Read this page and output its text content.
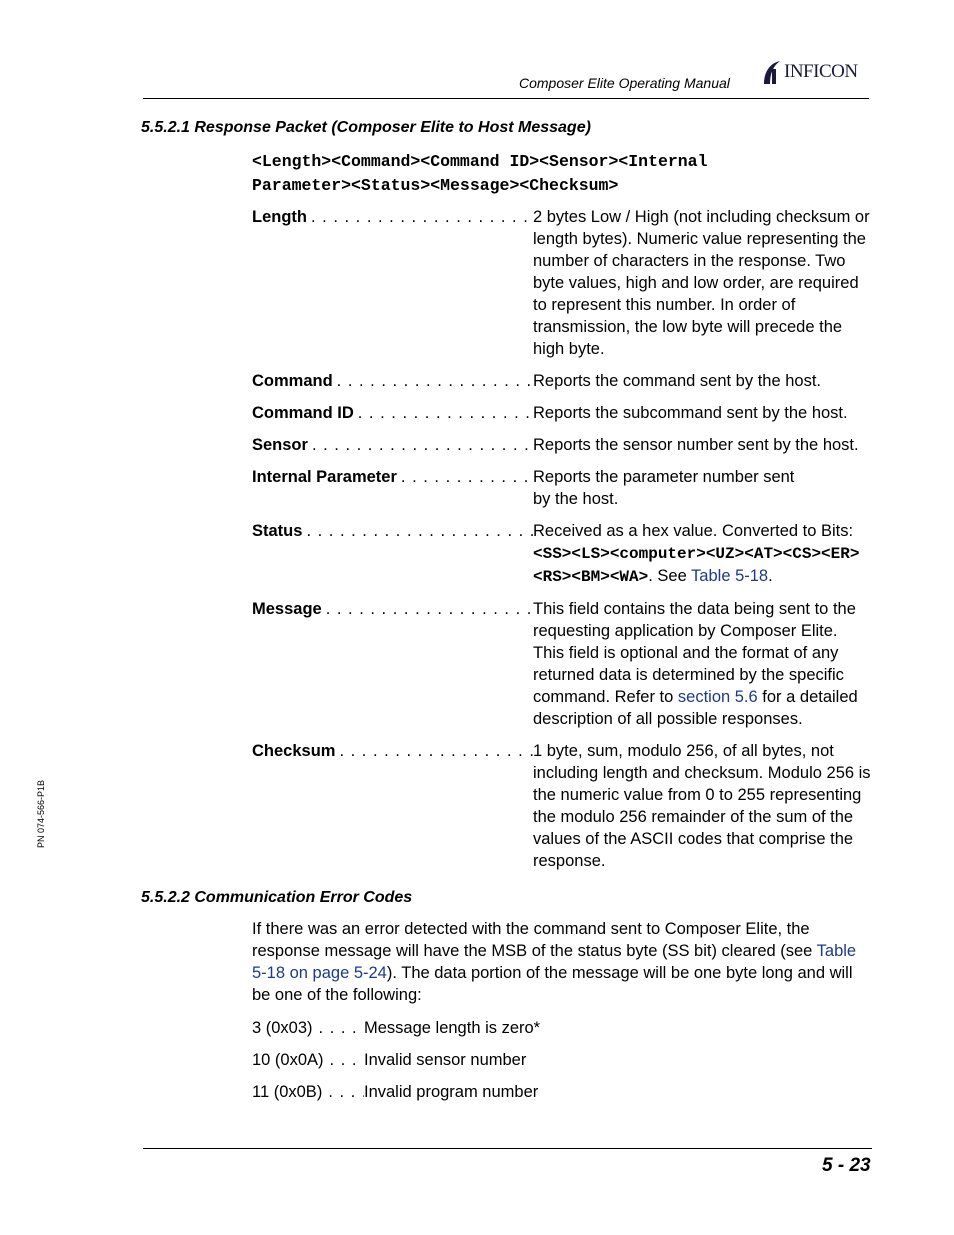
Composer Elite Operating Manual
INFICON
PN 074-566-P1B
5.5.2.1 Response Packet (Composer Elite to Host Message)
<Length><Command><Command ID><Sensor><Internal Parameter><Status><Message><Checksum>
Length . . .	2 bytes Low / High (not including checksum or length bytes). Numeric value representing the number of characters in the response. Two byte values, high and low order, are required to represent this number. In order of transmission, the low byte will precede the high byte.
Command . . .	Reports the command sent by the host.
Command ID . . .	Reports the subcommand sent by the host.
Sensor . . .	Reports the sensor number sent by the host.
Internal Parameter . . .	Reports the parameter number sent
by the host.
Status . . .	Received as a hex value. Converted to Bits: <SS><LS><computer><UZ><AT><CS><ER><RS><BM><WA>. See Table 5-18.
Message . . .	This field contains the data being sent to the requesting application by Composer Elite. This field is optional and the format of any returned data is determined by the specific command. Refer to section 5.6 for a detailed description of all possible responses.
Checksum . . .	1 byte, sum, modulo 256, of all bytes, not including length and checksum. Modulo 256 is the numeric value from 0 to 255 representing the modulo 256 remainder of the sum of the values of the ASCII codes that comprise the response.
5.5.2.2 Communication Error Codes
If there was an error detected with the command sent to Composer Elite, the response message will have the MSB of the status byte (SS bit) cleared (see Table 5-18 on page 5-24). The data portion of the message will be one byte long and will be one of the following:
3 (0x03) . . .	Message length is zero*
10 (0x0A) . . . Invalid sensor number
11 (0x0B) . . .	Invalid program number
5 - 23
